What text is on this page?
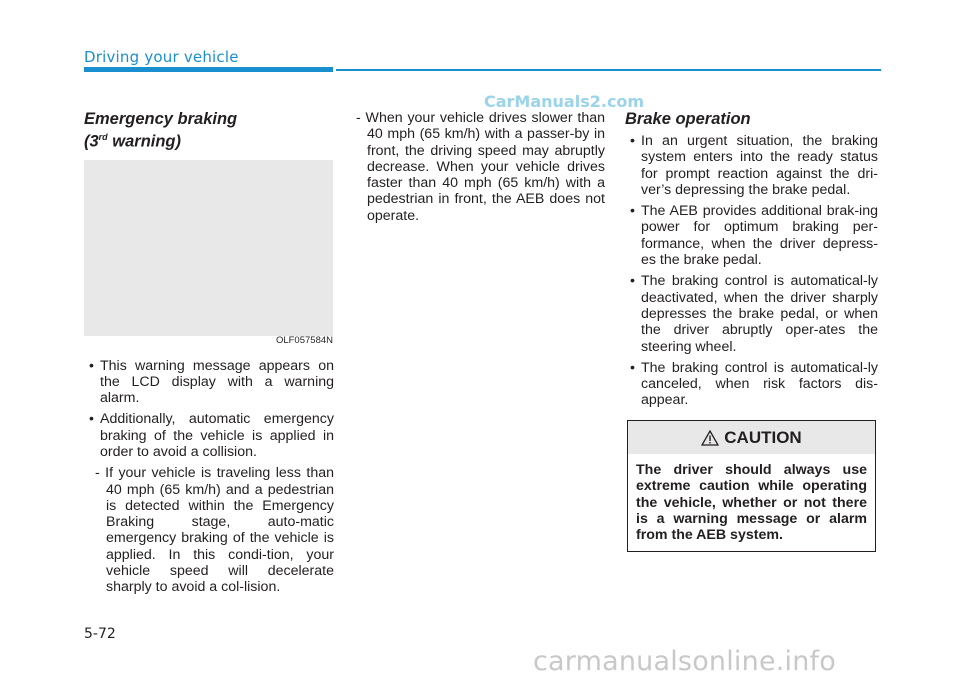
Driving your vehicle
CarManuals2.com
Emergency braking
(3rd warning)
OLF057584N
• This warning message appears on the LCD display with a warning alarm.
• Additionally, automatic emergency braking of the vehicle is applied in order to avoid a collision.
- If your vehicle is traveling less than 40 mph (65 km/h) and a pedestrian is detected within the Emergency Braking stage, auto-matic emergency braking of the vehicle is applied. In this condi-tion, your vehicle speed will decelerate sharply to avoid a col-lision.
- When your vehicle drives slower than 40 mph (65 km/h) with a passer-by in front, the driving speed may abruptly decrease. When your vehicle drives faster than 40 mph (65 km/h) with a pedestrian in front, the AEB does not operate.
Brake operation
• In an urgent situation, the braking system enters into the ready status for prompt reaction against the dri-ver’s depressing the brake pedal.
• The AEB provides additional brak-ing power for optimum braking per-formance, when the driver depress-es the brake pedal.
• The braking control is automatical-ly deactivated, when the driver sharply depresses the brake pedal, or when the driver abruptly oper-ates the steering wheel.
• The braking control is automatical-ly canceled, when risk factors dis-appear.
CAUTION
The driver should always use extreme caution while operating the vehicle, whether or not there is a warning message or alarm from the AEB system.
5-72
carmanualsonline.info
